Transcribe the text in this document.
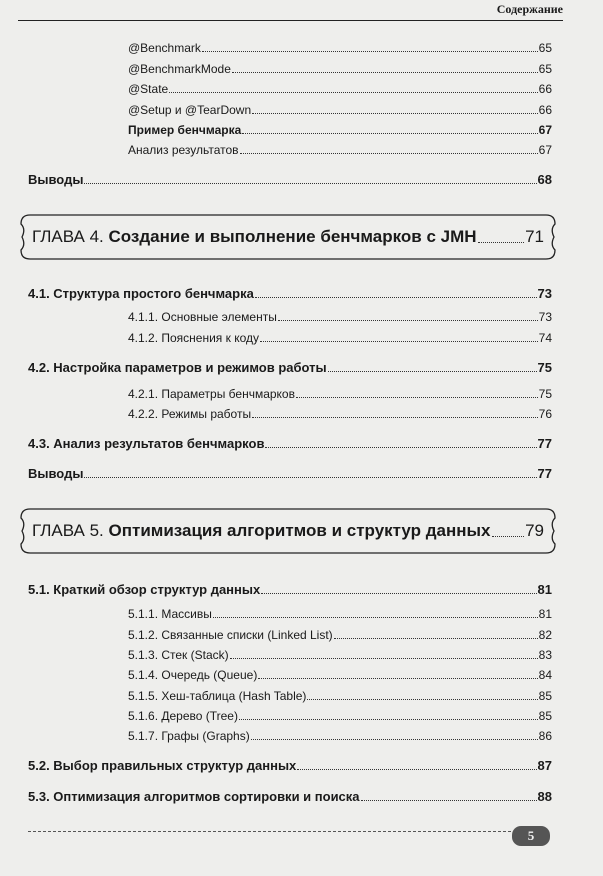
Содержание
@Benchmark	65
@BenchmarkMode	65
@State	66
@Setup и @TearDown	66
Пример бенчмарка	67
Анализ результатов	67
Выводы	68
ГЛАВА 4.
Создание и выполнение бенчмарков с JMH	71
4.1. Структура простого бенчмарка	73
4.1.1. Основные элементы	73
4.1.2. Пояснения к коду	74
4.2. Настройка параметров и режимов работы	75
4.2.1. Параметры бенчмарков	75
4.2.2. Режимы работы	76
4.3. Анализ результатов бенчмарков	77
Выводы	77
ГЛАВА 5.
Оптимизация алгоритмов и структур данных 79
5.1. Краткий обзор структур данных	81
5.1.1. Массивы	81
5.1.2. Связанные списки (Linked List)	82
5.1.3. Стек (Stack)	83
5.1.4. Очередь (Queue)	84
5.1.5. Хеш-таблица (Hash Table)	85
5.1.6. Дерево (Tree)	85
5.1.7. Графы (Graphs)	86
5.2. Выбор правильных структур данных	87
5.3. Оптимизация алгоритмов сортировки и поиска	88
5
